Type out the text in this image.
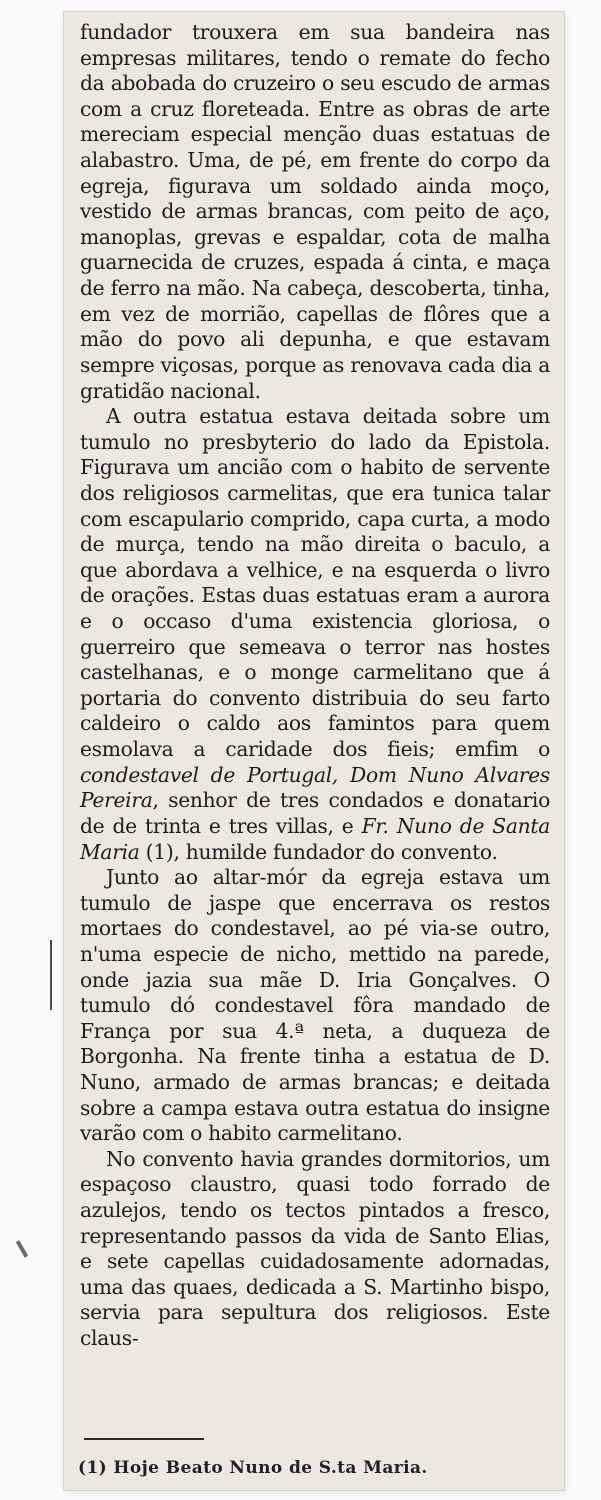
fundador trouxera em sua bandeira nas empresas militares, tendo o remate do fecho da abobada do cruzeiro o seu escudo de armas com a cruz floreteada. Entre as obras de arte mereciam especial menção duas estatuas de alabastro. Uma, de pé, em frente do corpo da egreja, figurava um soldado ainda moço, vestido de armas brancas, com peito de aço, manoplas, grevas e espaldar, cota de malha guarnecida de cruzes, espada á cinta, e maça de ferro na mão. Na cabeça, descoberta, tinha, em vez de morrião, capellas de flôres que a mão do povo ali depunha, e que estavam sempre viçosas, porque as renovava cada dia a gratidão nacional.

A outra estatua estava deitada sobre um tumulo no presbyterio do lado da Epistola. Figurava um ancião com o habito de servente dos religiosos carmelitas, que era tunica talar com escapulario comprido, capa curta, a modo de murça, tendo na mão direita o baculo, a que abordava a velhice, e na esquerda o livro de orações. Estas duas estatuas eram a aurora e o occaso d'uma existencia gloriosa, o guerreiro que semeava o terror nas hostes castelhanas, e o monge carmelitano que á portaria do convento distribuia do seu farto caldeiro o caldo aos famintos para quem esmolava a caridade dos fieis; emfim o condestavel de Portugal, Dom Nuno Alvares Pereira, senhor de tres condados e donatario de de trinta e tres villas, e Fr. Nuno de Santa Maria (1), humilde fundador do convento.

Junto ao altar-mór da egreja estava um tumulo de jaspe que encerrava os restos mortaes do condestavel, ao pé via-se outro, n'uma especie de nicho, mettido na parede, onde jazia sua mãe D. Iria Gonçalves. O tumulo dó condestavel fôra mandado de França por sua 4.ª neta, a duqueza de Borgonha. Na frente tinha a estatua de D. Nuno, armado de armas brancas; e deitada sobre a campa estava outra estatua do insigne varão com o habito carmelitano.

No convento havia grandes dormitorios, um espaçoso claustro, quasi todo forrado de azulejos, tendo os tectos pintados a fresco, representando passos da vida de Santo Elias, e sete capellas cuidadosamente adornadas, uma das quaes, dedicada a S. Martinho bispo, servia para sepultura dos religiosos. Este claus-

(1) Hoje Beato Nuno de S.ta Maria.
